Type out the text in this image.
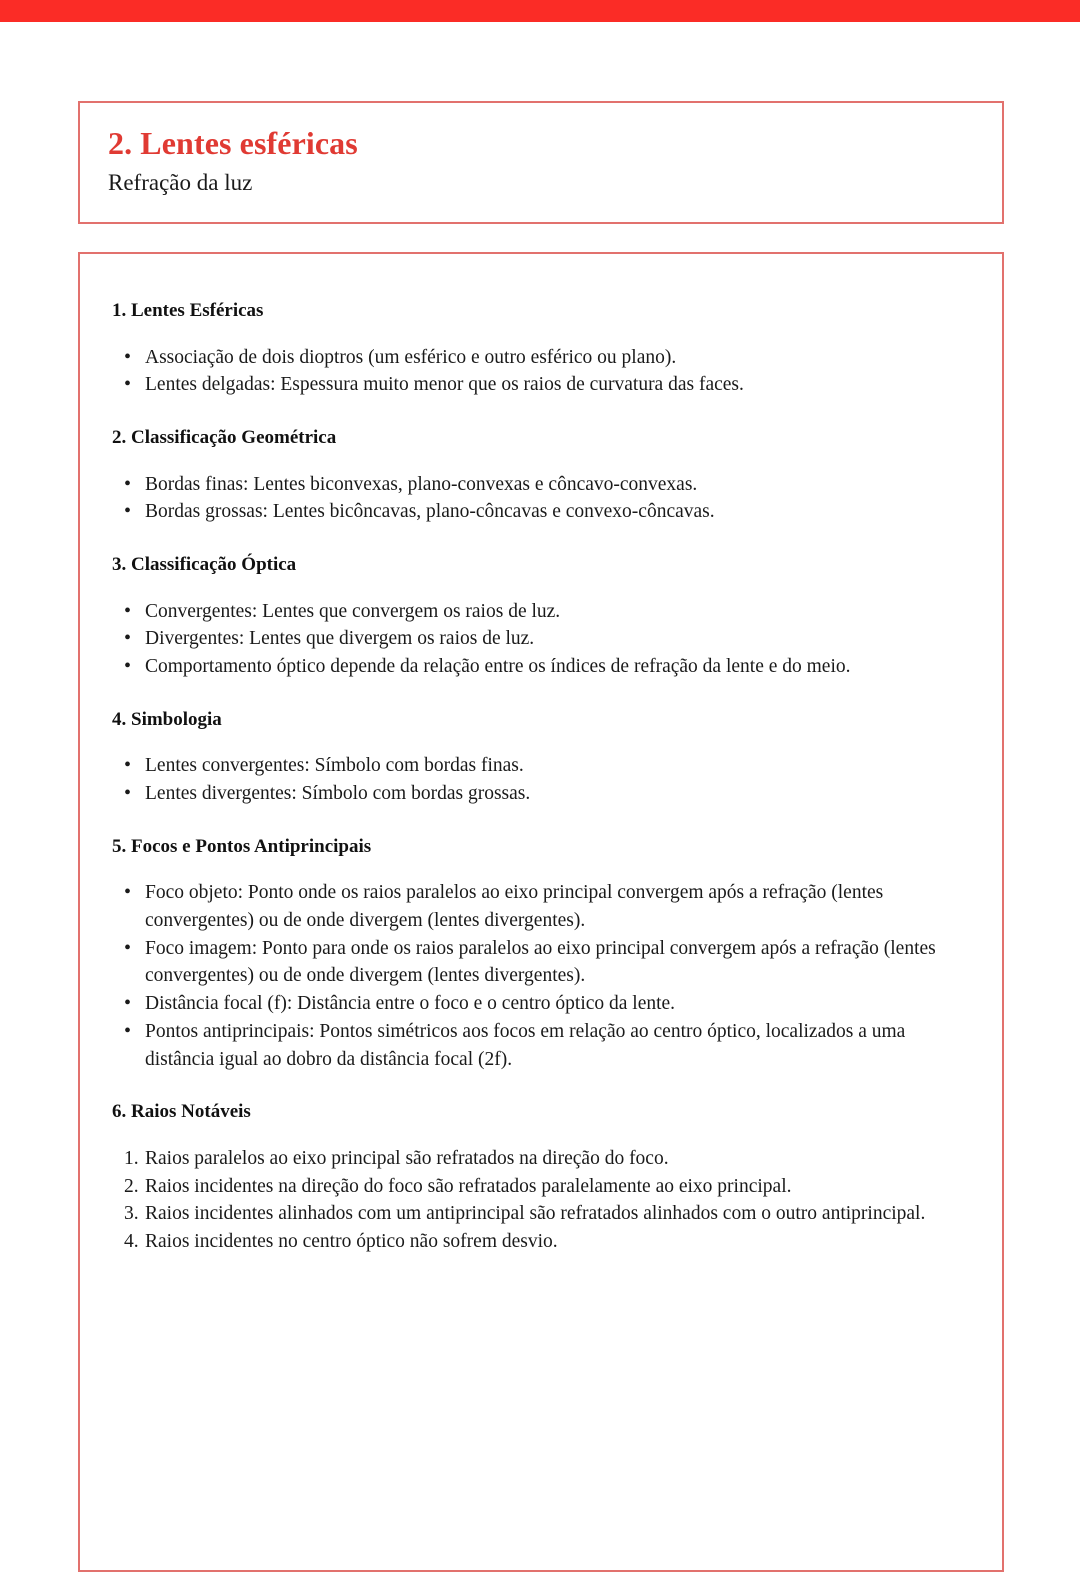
2. Lentes esféricas
Refração da luz
1. Lentes Esféricas
• Associação de dois dioptros (um esférico e outro esférico ou plano).
• Lentes delgadas: Espessura muito menor que os raios de curvatura das faces.
2. Classificação Geométrica
• Bordas finas: Lentes biconvexas, plano-convexas e côncavo-convexas.
• Bordas grossas: Lentes bicôncavas, plano-côncavas e convexo-côncavas.
3. Classificação Óptica
• Convergentes: Lentes que convergem os raios de luz.
• Divergentes: Lentes que divergem os raios de luz.
• Comportamento óptico depende da relação entre os índices de refração da lente e do meio.
4. Simbologia
• Lentes convergentes: Símbolo com bordas finas.
• Lentes divergentes: Símbolo com bordas grossas.
5. Focos e Pontos Antiprincipais
• Foco objeto: Ponto onde os raios paralelos ao eixo principal convergem após a refração (lentes convergentes) ou de onde divergem (lentes divergentes).
• Foco imagem: Ponto para onde os raios paralelos ao eixo principal convergem após a refração (lentes convergentes) ou de onde divergem (lentes divergentes).
• Distância focal (f): Distância entre o foco e o centro óptico da lente.
• Pontos antiprincipais: Pontos simétricos aos focos em relação ao centro óptico, localizados a uma distância igual ao dobro da distância focal (2f).
6. Raios Notáveis
Raios paralelos ao eixo principal são refratados na direção do foco.
Raios incidentes na direção do foco são refratados paralelamente ao eixo principal.
Raios incidentes alinhados com um antiprincipal são refratados alinhados com o outro antiprincipal.
Raios incidentes no centro óptico não sofrem desvio.
